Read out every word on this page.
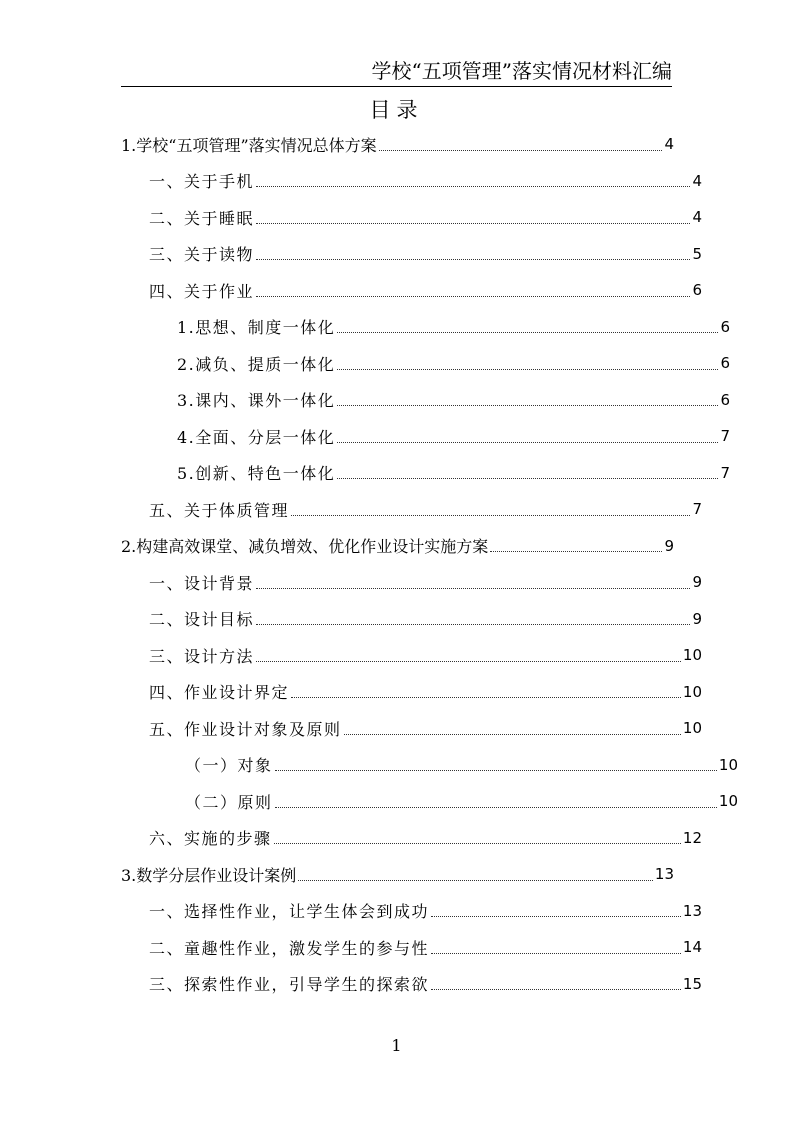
学校“五项管理”落实情况材料汇编
目录
1.学校“五项管理”落实情况总体方案	4
一、关于手机	4
二、关于睡眠	4
三、关于读物	5
四、关于作业	6
1.思想、制度一体化	6
2.减负、提质一体化	6
3.课内、课外一体化	6
4.全面、分层一体化	7
5.创新、特色一体化	7
五、关于体质管理	7
2.构建高效课堂、减负增效、优化作业设计实施方案	9
一、设计背景	9
二、设计目标	9
三、设计方法	10
四、作业设计界定	10
五、作业设计对象及原则	10
（一）对象	10
（二）原则	10
六、实施的步骤	12
3.数学分层作业设计案例	13
一、选择性作业，让学生体会到成功	13
二、童趣性作业，激发学生的参与性	14
三、探索性作业，引导学生的探索欲	15
1
